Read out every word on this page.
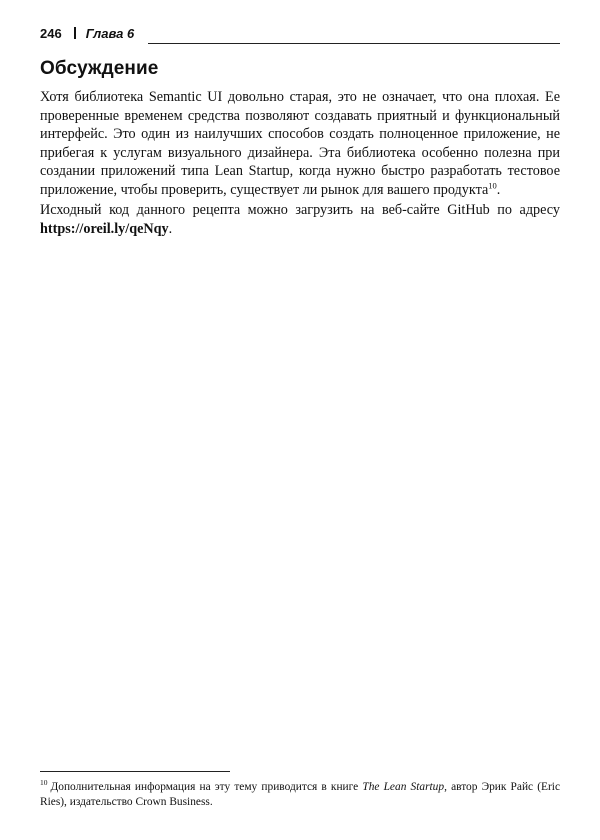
246 Глава 6
Обсуждение

Хотя библиотека Semantic UI довольно старая, это не означает, что она плохая. Ее проверенные временем средства позволяют создавать приятный и функциональный интерфейс. Это один из наилучших способов создать полноценное приложение, не прибегая к услугам визуального дизайнера. Эта библиотека особенно полезна при создании приложений типа Lean Startup, когда нужно быстро разработать тестовое приложение, чтобы проверить, существует ли рынок для вашего продукта$^{10}$.

Исходный код данного рецепта можно загрузить на веб-сайте GitHub по адресу https://oreil.ly/qeNqy.

$^{10}$ Дополнительная информация на эту тему приводится в книге The Lean Startup, автор Эрик Райс (Eric Ries), издательство Crown Business.
